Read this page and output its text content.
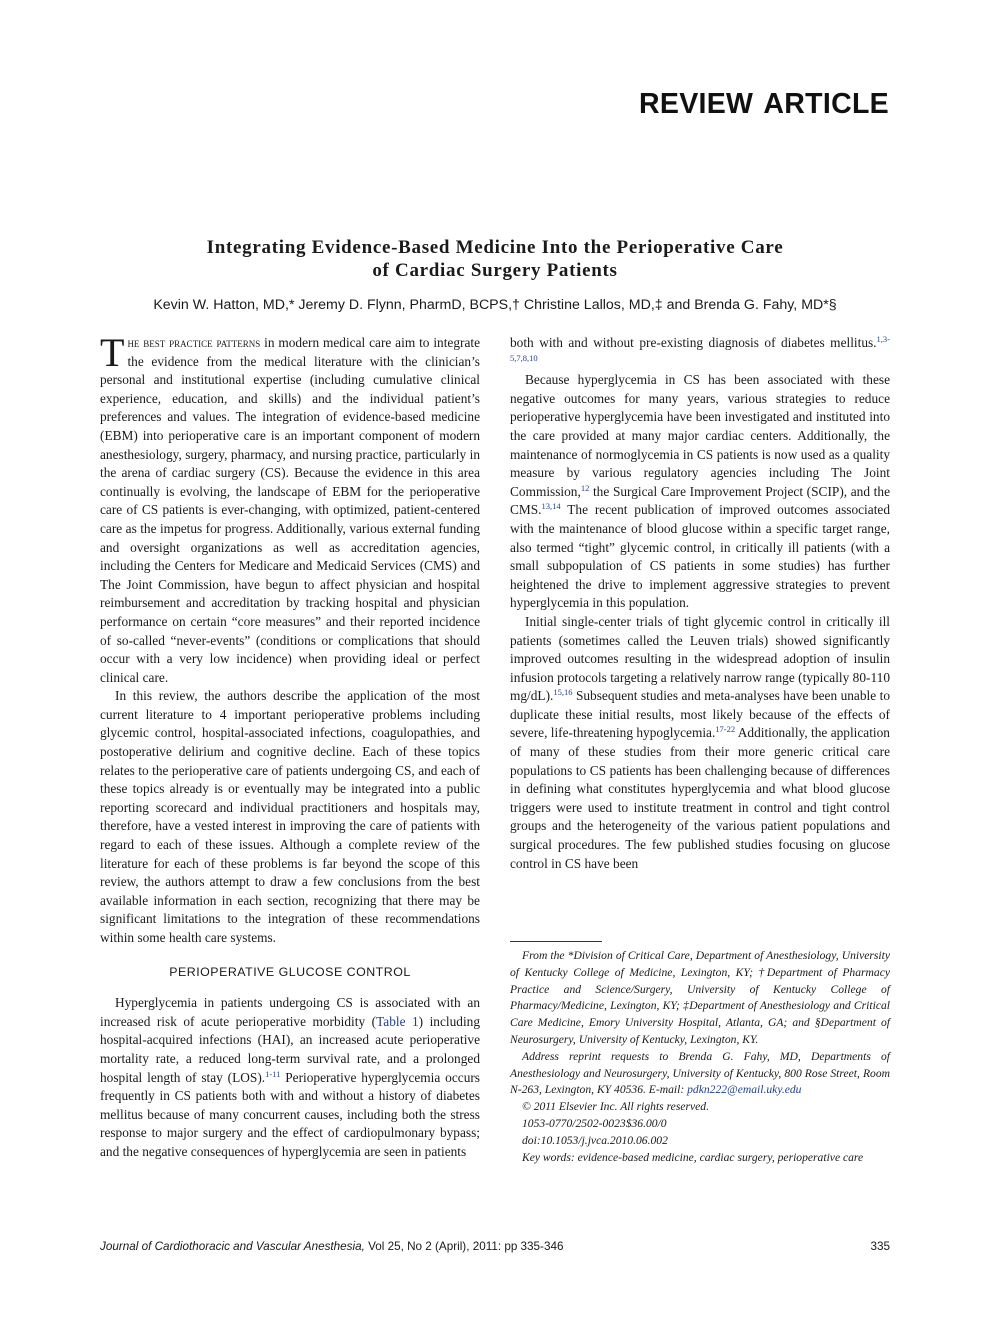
REVIEW ARTICLE
Integrating Evidence-Based Medicine Into the Perioperative Care
of Cardiac Surgery Patients

Kevin W. Hatton, MD,* Jeremy D. Flynn, PharmD, BCPS,† Christine Lallos, MD,‡ and Brenda G. Fahy, MD*§

The best practice patterns in modern medical care aim to integrate the evidence from the medical literature with the clinician’s personal and institutional expertise (including cumulative clinical experience, education, and skills) and the individual patient’s preferences and values. The integration of evidence-based medicine (EBM) into perioperative care is an important component of modern anesthesiology, surgery, pharmacy, and nursing practice, particularly in the arena of cardiac surgery (CS). Because the evidence in this area continually is evolving, the landscape of EBM for the perioperative care of CS patients is ever-changing, with optimized, patient-centered care as the impetus for progress. Additionally, various external funding and oversight organizations as well as accreditation agencies, including the Centers for Medicare and Medicaid Services (CMS) and The Joint Commission, have begun to affect physician and hospital reimbursement and accreditation by tracking hospital and physician performance on certain “core measures” and their reported incidence of so-called “never-events” (conditions or complications that should occur with a very low incidence) when providing ideal or perfect clinical care.

In this review, the authors describe the application of the most current literature to 4 important perioperative problems including glycemic control, hospital-associated infections, coagulopathies, and postoperative delirium and cognitive decline. Each of these topics relates to the perioperative care of patients undergoing CS, and each of these topics already is or eventually may be integrated into a public reporting scorecard and individual practitioners and hospitals may, therefore, have a vested interest in improving the care of patients with regard to each of these issues. Although a complete review of the literature for each of these problems is far beyond the scope of this review, the authors attempt to draw a few conclusions from the best available information in each section, recognizing that there may be significant limitations to the integration of these recommendations within some health care systems.

PERIOPERATIVE GLUCOSE CONTROL

Hyperglycemia in patients undergoing CS is associated with an increased risk of acute perioperative morbidity (Table 1) including hospital-acquired infections (HAI), an increased acute perioperative mortality rate, a reduced long-term survival rate, and a prolonged hospital length of stay (LOS).$^{1-11}$ Perioperative hyperglycemia occurs frequently in CS patients both with and without a history of diabetes mellitus because of many concurrent causes, including both the stress response to major surgery and the effect of cardiopulmonary bypass; and the negative consequences of hyperglycemia are seen in patients

both with and without pre-existing diagnosis of diabetes mellitus.$^{1,3-5,7,8,10}$

Because hyperglycemia in CS has been associated with these negative outcomes for many years, various strategies to reduce perioperative hyperglycemia have been investigated and instituted into the care provided at many major cardiac centers. Additionally, the maintenance of normoglycemia in CS patients is now used as a quality measure by various regulatory agencies including The Joint Commission,$^{12}$ the Surgical Care Improvement Project (SCIP), and the CMS.$^{13,14}$ The recent publication of improved outcomes associated with the maintenance of blood glucose within a specific target range, also termed “tight” glycemic control, in critically ill patients (with a small subpopulation of CS patients in some studies) has further heightened the drive to implement aggressive strategies to prevent hyperglycemia in this population.

Initial single-center trials of tight glycemic control in critically ill patients (sometimes called the Leuven trials) showed significantly improved outcomes resulting in the widespread adoption of insulin infusion protocols targeting a relatively narrow range (typically 80-110 mg/dL).$^{15,16}$ Subsequent studies and meta-analyses have been unable to duplicate these initial results, most likely because of the effects of severe, life-threatening hypoglycemia.$^{17-22}$ Additionally, the application of many of these studies from their more generic critical care populations to CS patients has been challenging because of differences in defining what constitutes hyperglycemia and what blood glucose triggers were used to institute treatment in control and tight control groups and the heterogeneity of the various patient populations and surgical procedures. The few published studies focusing on glucose control in CS have been

From the *Division of Critical Care, Department of Anesthesiology, University of Kentucky College of Medicine, Lexington, KY; †Department of Pharmacy Practice and Science/Surgery, University of Kentucky College of Pharmacy/Medicine, Lexington, KY; ‡Department of Anesthesiology and Critical Care Medicine, Emory University Hospital, Atlanta, GA; and §Department of Neurosurgery, University of Kentucky, Lexington, KY.

Address reprint requests to Brenda G. Fahy, MD, Departments of Anesthesiology and Neurosurgery, University of Kentucky, 800 Rose Street, Room N-263, Lexington, KY 40536. E-mail: pdkn222@email.uky.edu

© 2011 Elsevier Inc. All rights reserved.

1053-0770/2502-0023$36.00/0

doi:10.1053/j.jvca.2010.06.002

Key words: evidence-based medicine, cardiac surgery, perioperative care

Journal of Cardiothoracic and Vascular Anesthesia, Vol 25, No 2 (April), 2011: pp 335-346	335
